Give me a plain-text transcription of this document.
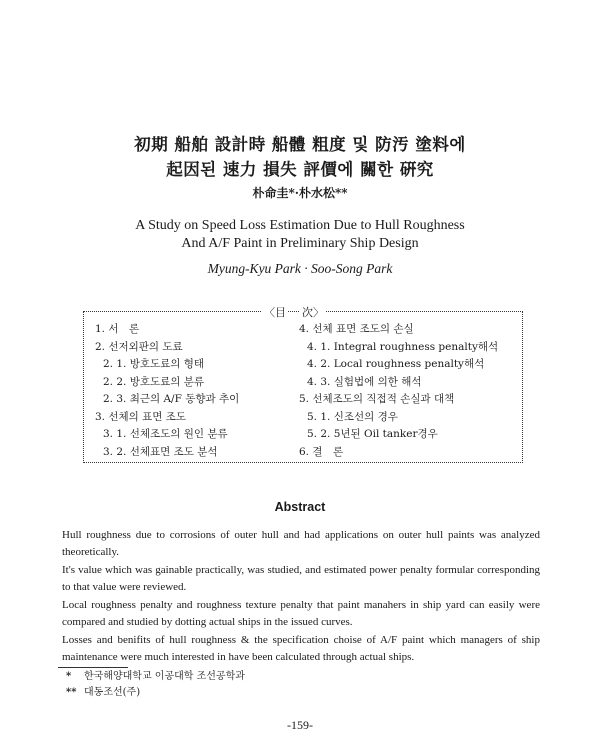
初期 船舶 設計時 船體 粗度 및 防汚 塗料에
起因된 速力 損失 評價에 關한 硏究
朴命圭*·朴水松**
A Study on Speed Loss Estimation Due to Hull Roughness
And A/F Paint in Preliminary Ship Design
Myung-Kyu Park · Soo-Song Park
〈目 次〉
1. 서　론
2. 선저외판의 도료
2. 1. 방호도료의 형태
2. 2. 방호도료의 분류
2. 3. 최근의 A/F 동향과 추이
3. 선체의 표면 조도
3. 1. 선체조도의 원인 분류
3. 2. 선체표면 조도 분석
4. 선체 표면 조도의 손실
4. 1. Integral roughness penalty해석
4. 2. Local roughness penalty해석
4. 3. 실험법에 의한 해석
5. 선체조도의 직접적 손실과 대책
5. 1. 신조선의 경우
5. 2. 5년된 Oil tanker경우
6. 결　론
Abstract

Hull roughness due to corrosions of outer hull and had applications on outer hull paints was analyzed theoretically.

It's value which was gainable practically, was studied, and estimated power penalty formular corresponding to that value were reviewed.

Local roughness penalty and roughness texture penalty that paint manahers in ship yard can easily were compared and studied by dotting actual ships in the issued curves.

Losses and benifits of hull roughness & the specification choise of A/F paint which managers of ship maintenance were much interested in have been calculated through actual ships.

* 한국해양대학교 이공대학 조선공학과
** 대동조선(주)
-159-
